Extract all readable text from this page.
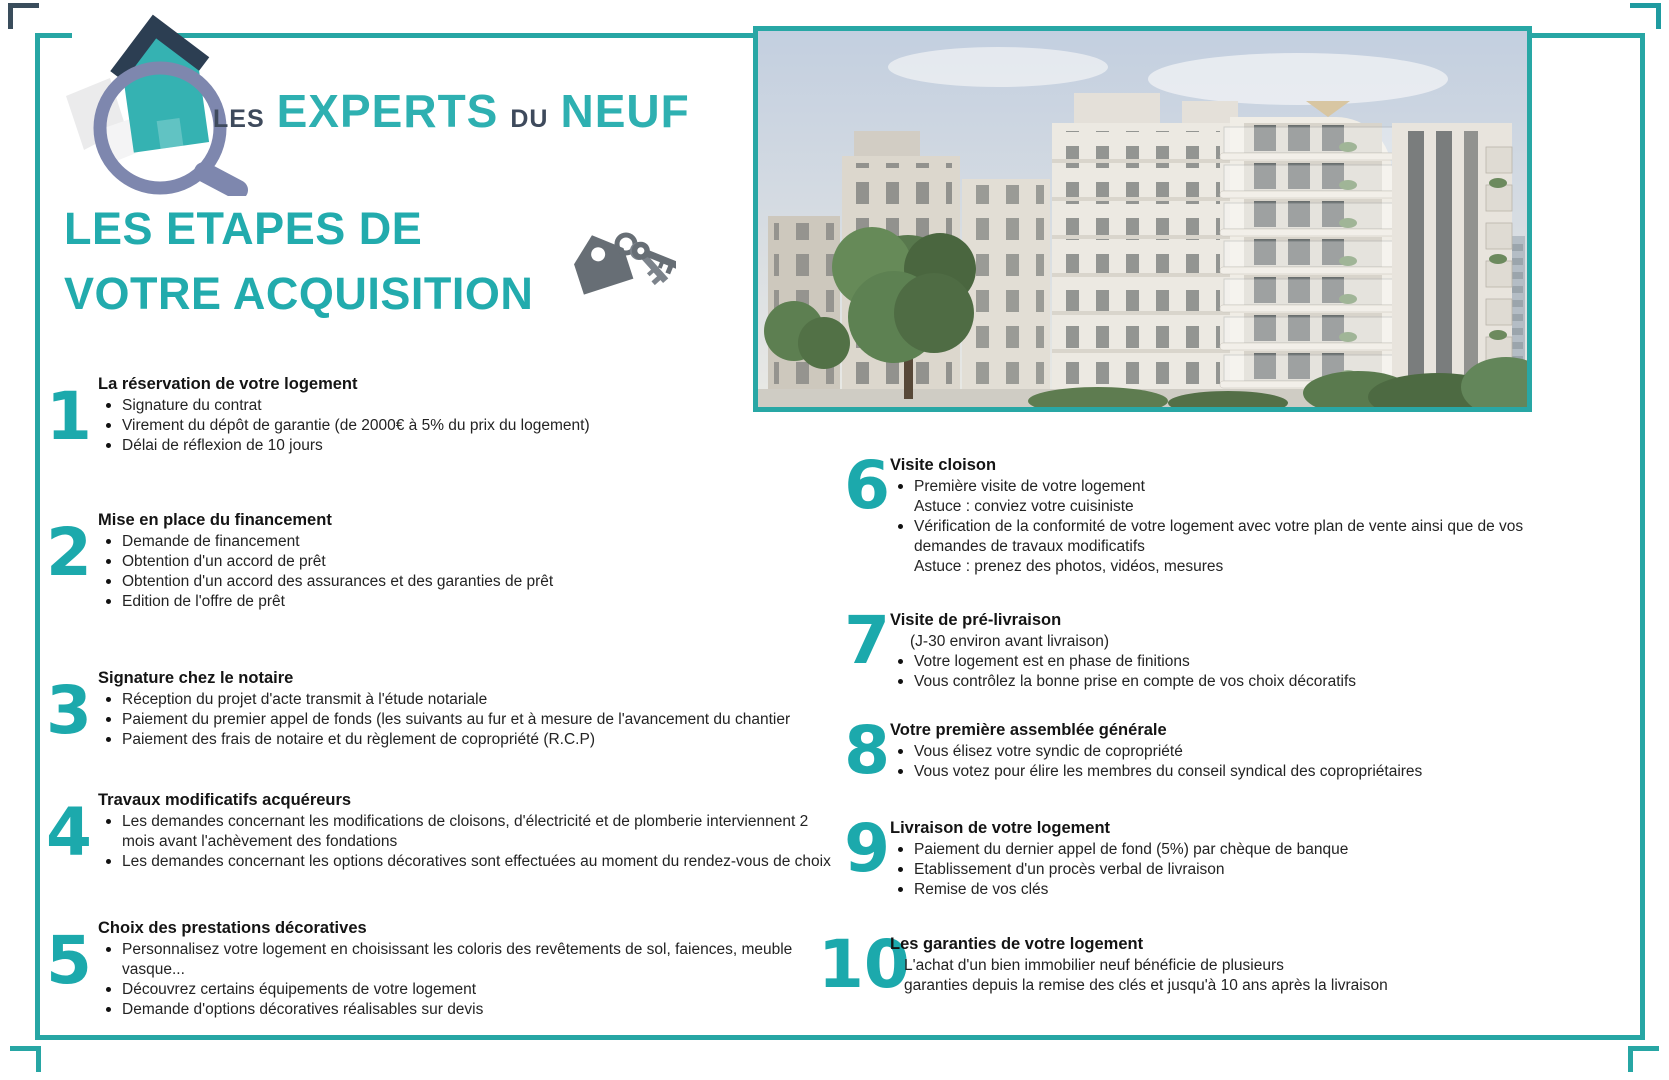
LES EXPERTS DU NEUF
LES ETAPES DE
VOTRE ACQUISITION
1 La réservation de votre logement
Signature du contrat
Virement du dépôt de garantie (de 2000€ à 5% du prix du logement)
Délai de réflexion de 10 jours
2 Mise en place du financement
Demande de financement
Obtention d'un accord de prêt
Obtention d'un accord des assurances et des garanties de prêt
Edition de l'offre de prêt
3 Signature chez le notaire
Réception du projet d'acte transmit à l'étude notariale
Paiement du premier appel de fonds (les suivants au fur et à mesure de l'avancement du chantier
Paiement des frais de notaire et du règlement de copropriété (R.C.P)
4 Travaux modificatifs acquéreurs
Les demandes concernant les modifications de cloisons, d'électricité et de plomberie interviennent 2 mois avant l'achèvement des fondations
Les demandes concernant les options décoratives sont effectuées au moment du rendez-vous de choix
5 Choix des prestations décoratives
Personnalisez votre logement en choisissant les coloris des revêtements de sol, faiences, meuble vasque...
Découvrez certains équipements de votre logement
Demande d'options décoratives réalisables sur devis
6 Visite cloison
Première visite de votre logement
Astuce : conviez votre cuisiniste
Vérification de la conformité de votre logement avec votre plan de vente ainsi que de vos demandes de travaux modificatifs
Astuce : prenez des photos, vidéos, mesures
7 Visite de pré-livraison
(J-30 environ avant livraison)
Votre logement est en phase de finitions
Vous contrôlez la bonne prise en compte de vos choix décoratifs
8 Votre première assemblée générale
Vous élisez votre syndic de copropriété
Vous votez pour élire les membres du conseil syndical des copropriétaires
9 Livraison de votre logement
Paiement du dernier appel de fond (5%) par chèque de banque
Etablissement d'un procès verbal de livraison
Remise de vos clés
10
Les garanties de votre logement
L'achat d'un bien immobilier neuf bénéficie de plusieurs
garanties depuis la remise des clés et jusqu'à 10 ans après la livraison
